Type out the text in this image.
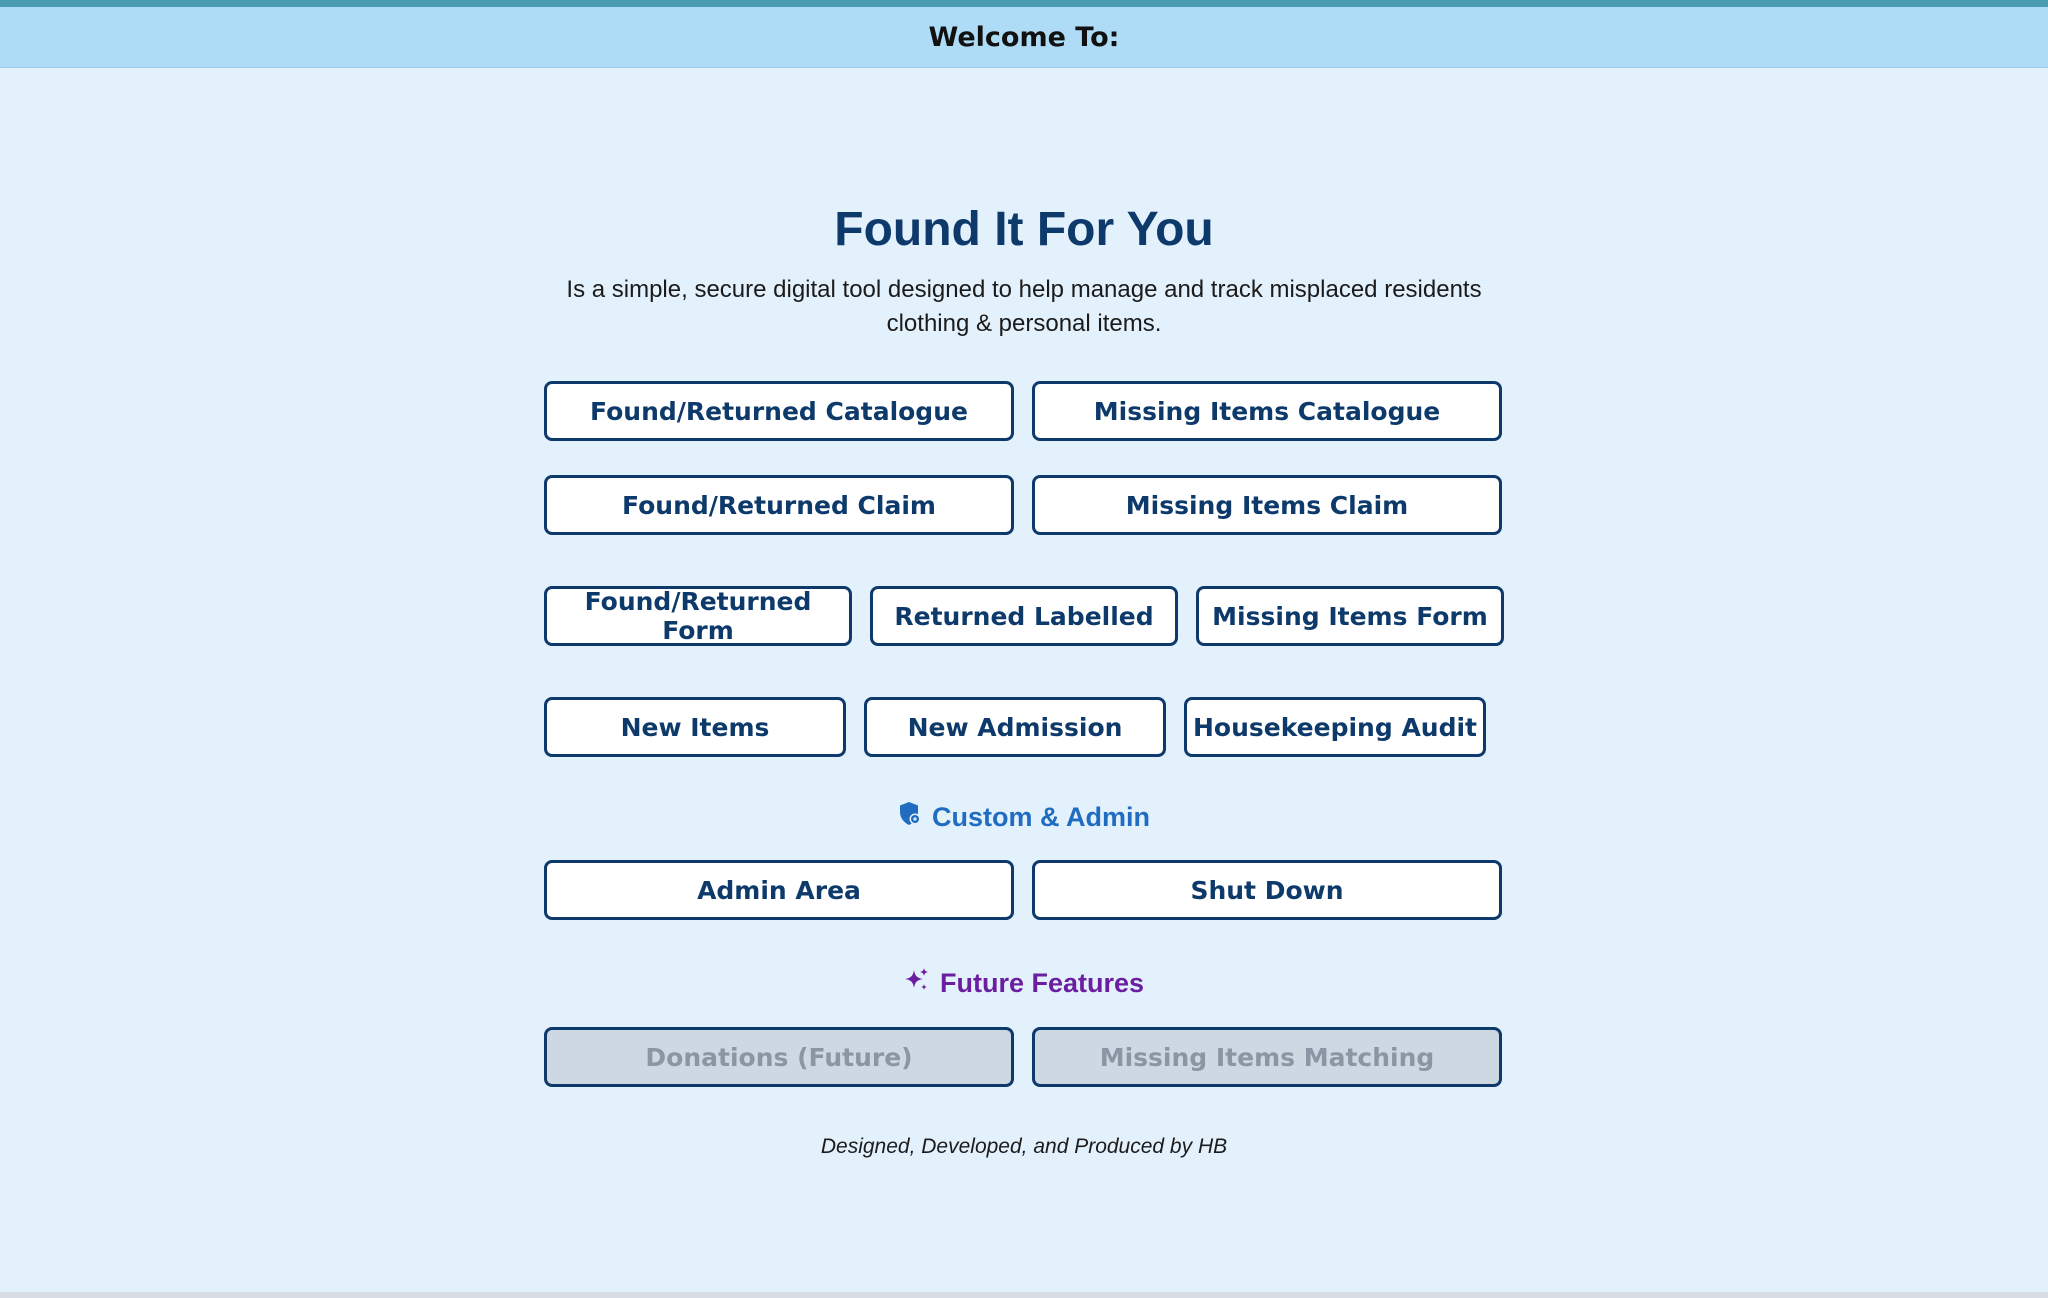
Welcome To:
Found It For You

Is a simple, secure digital tool designed to help manage and track misplaced residents clothing & personal items.

Found/Returned Catalogue	Missing Items Catalogue
Found/Returned Claim	Missing Items Claim
Found/Returned Form	Returned Labelled	Missing Items Form
New Items	New Admission	Housekeeping Audit
Custom & Admin
Admin Area	Shut Down
Future Features
Donations (Future)	Missing Items Matching
Designed, Developed, and Produced by HB
